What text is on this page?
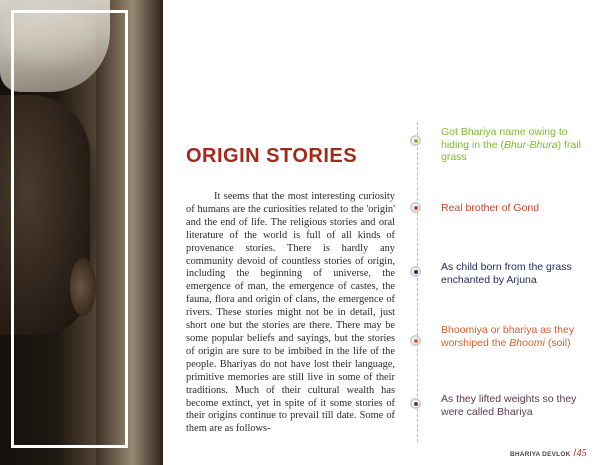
ORIGIN STORIES

It seems that the most interesting curiosity of humans are the curiosities related to the 'origin' and the end of life. The religious stories and oral literature of the world is full of all kinds of provenance stories. There is hardly any community devoid of countless stories of origin, including the beginning of universe, the emergence of man, the emergence of castes, the fauna, flora and origin of clans, the emergence of rivers. These stories might not be in detail, just short one but the stories are there. There may be some popular beliefs and sayings, but the stories of origin are sure to be imbibed in the life of the people. Bhariyas do not have lost their language, primitive memories are still live in some of their traditions. Much of their cultural wealth has become extinct, yet in spite of it some stories of their origins continue to prevail till date. Some of them are as follows-

Got Bhariya name owing to hiding in the (Bhur-Bhura) frail grass

Real brother of Gond

As child born from the grass enchanted by Arjuna

Bhoomiya or bhariya as they worshiped the Bhoomi (soil)

As they lifted weights so they were called Bhariya

BHARIYA DEVLOK /45
